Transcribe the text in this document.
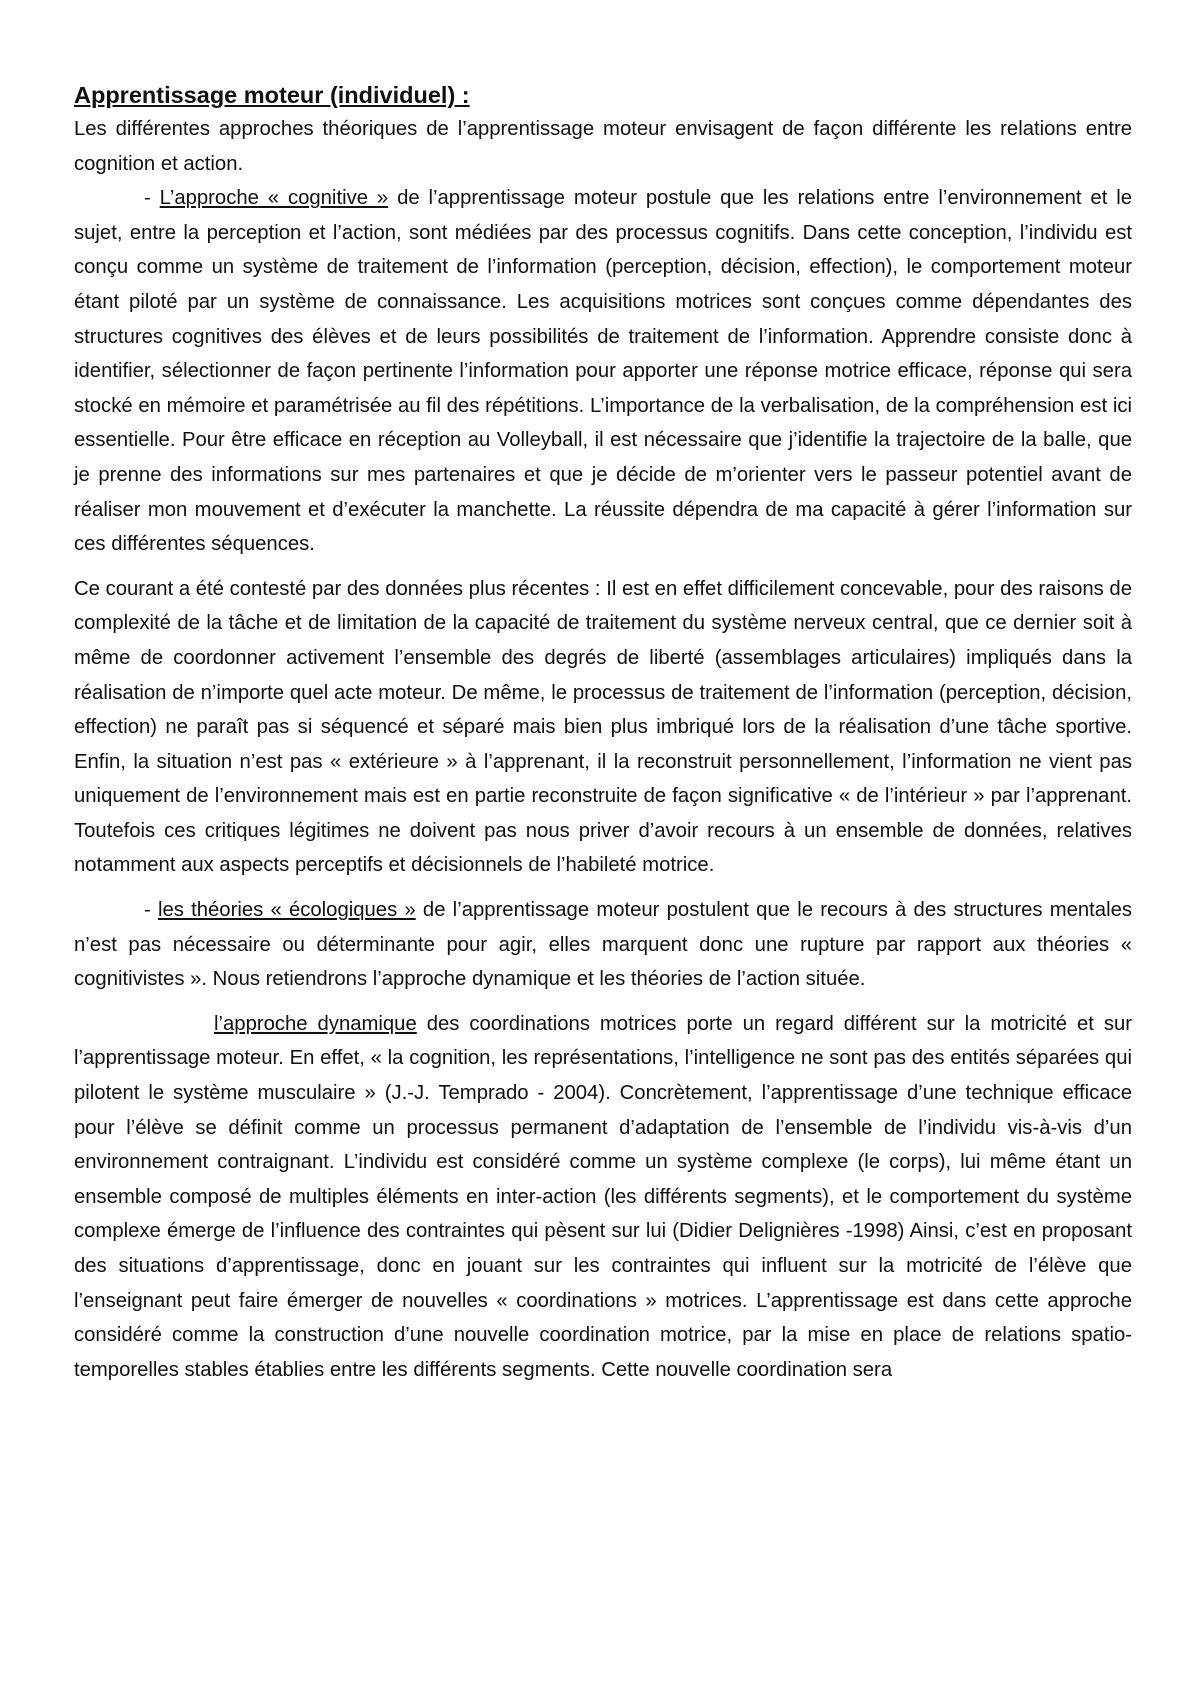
Apprentissage moteur (individuel) :

Les différentes approches théoriques de l’apprentissage moteur envisagent de façon différente les relations entre cognition et action.

- L’approche « cognitive » de l’apprentissage moteur postule que les relations entre l’environnement et le sujet, entre la perception et l’action, sont médiées par des processus cognitifs. Dans cette conception, l’individu est conçu comme un système de traitement de l’information (perception, décision, effection), le comportement moteur étant piloté par un système de connaissance. Les acquisitions motrices sont conçues comme dépendantes des structures cognitives des élèves et de leurs possibilités de traitement de l’information. Apprendre consiste donc à identifier, sélectionner de façon pertinente l’information pour apporter une réponse motrice efficace, réponse qui sera stocké en mémoire et paramétrisée au fil des répétitions. L’importance de la verbalisation, de la compréhension est ici essentielle. Pour être efficace en réception au Volleyball, il est nécessaire que j’identifie la trajectoire de la balle, que je prenne des informations sur mes partenaires et que je décide de m’orienter vers le passeur potentiel avant de réaliser mon mouvement et d’exécuter la manchette. La réussite dépendra de ma capacité à gérer l’information sur ces différentes séquences.

Ce courant a été contesté par des données plus récentes : Il est en effet difficilement concevable, pour des raisons de complexité de la tâche et de limitation de la capacité de traitement du système nerveux central, que ce dernier soit à même de coordonner activement l’ensemble des degrés de liberté (assemblages articulaires) impliqués dans la réalisation de n’importe quel acte moteur. De même, le processus de traitement de l’information (perception, décision, effection) ne paraît pas si séquencé et séparé mais bien plus imbriqué lors de la réalisation d’une tâche sportive. Enfin, la situation n’est pas « extérieure » à l’apprenant, il la reconstruit personnellement, l’information ne vient pas uniquement de l’environnement mais est en partie reconstruite de façon significative « de l’intérieur » par l’apprenant. Toutefois ces critiques légitimes ne doivent pas nous priver d’avoir recours à un ensemble de données, relatives notamment aux aspects perceptifs et décisionnels de l’habileté motrice.

- les théories « écologiques » de l’apprentissage moteur postulent que le recours à des structures mentales n’est pas nécessaire ou déterminante pour agir, elles marquent donc une rupture par rapport aux théories « cognitivistes ». Nous retiendrons l’approche dynamique et les théories de l’action située.

l’approche dynamique des coordinations motrices porte un regard différent sur la motricité et sur l’apprentissage moteur. En effet, « la cognition, les représentations, l’intelligence ne sont pas des entités séparées qui pilotent le système musculaire » (J.-J. Temprado - 2004). Concrètement, l’apprentissage d’une technique efficace pour l’élève se définit comme un processus permanent d’adaptation de l’ensemble de l’individu vis-à-vis d’un environnement contraignant. L’individu est considéré comme un système complexe (le corps), lui même étant un ensemble composé de multiples éléments en inter-action (les différents segments), et le comportement du système complexe émerge de l’influence des contraintes qui pèsent sur lui (Didier Delignières -1998) Ainsi, c’est en proposant des situations d’apprentissage, donc en jouant sur les contraintes qui influent sur la motricité de l’élève que l’enseignant peut faire émerger de nouvelles « coordinations » motrices. L’apprentissage est dans cette approche considéré comme la construction d’une nouvelle coordination motrice, par la mise en place de relations spatio-temporelles stables établies entre les différents segments. Cette nouvelle coordination sera
